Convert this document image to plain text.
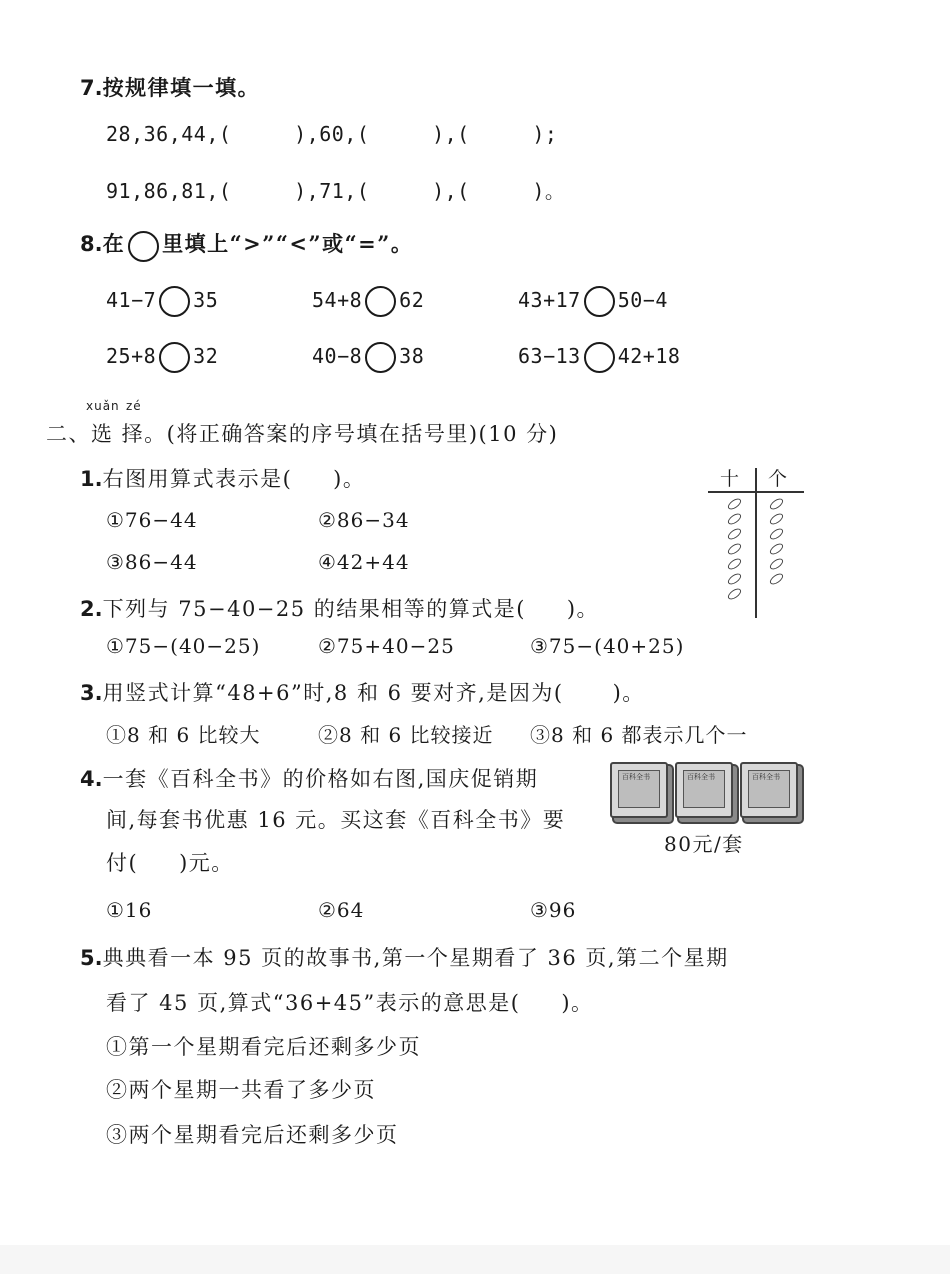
7.按规律填一填。
28,36,44,(     ),60,(     ),(     );
91,86,81,(     ),71,(     ),(     )。
8.在 里填上“>”“<”或“=”。
41−7 35	54+8 62	43+17 50−4
25+8 32	40−8 38	63−13 42+18
xuǎn zé
二、选 择。(将正确答案的序号填在括号里)(10 分)
十 个
1.右图用算式表示是(     )。
①76−44	②86−34
③86−44	④42+44
2.下列与 75−40−25 的结果相等的算式是(     )。
①75−(40−25)	②75+40−25	③75−(40+25)
3.用竖式计算“48+6”时,8 和 6 要对齐,是因为(      )。
①8 和 6 比较大	②8 和 6 比较接近 ③8 和 6 都表示几个一
4.一套《百科全书》的价格如右图,国庆促销期
间,每套书优惠 16 元。买这套《百科全书》要
付(     )元。
百科全书	百科全书	百科全书
80元/套
①16	②64	③96
5.典典看一本 95 页的故事书,第一个星期看了 36 页,第二个星期
看了 45 页,算式“36+45”表示的意思是(     )。
①第一个星期看完后还剩多少页
②两个星期一共看了多少页
③两个星期看完后还剩多少页
